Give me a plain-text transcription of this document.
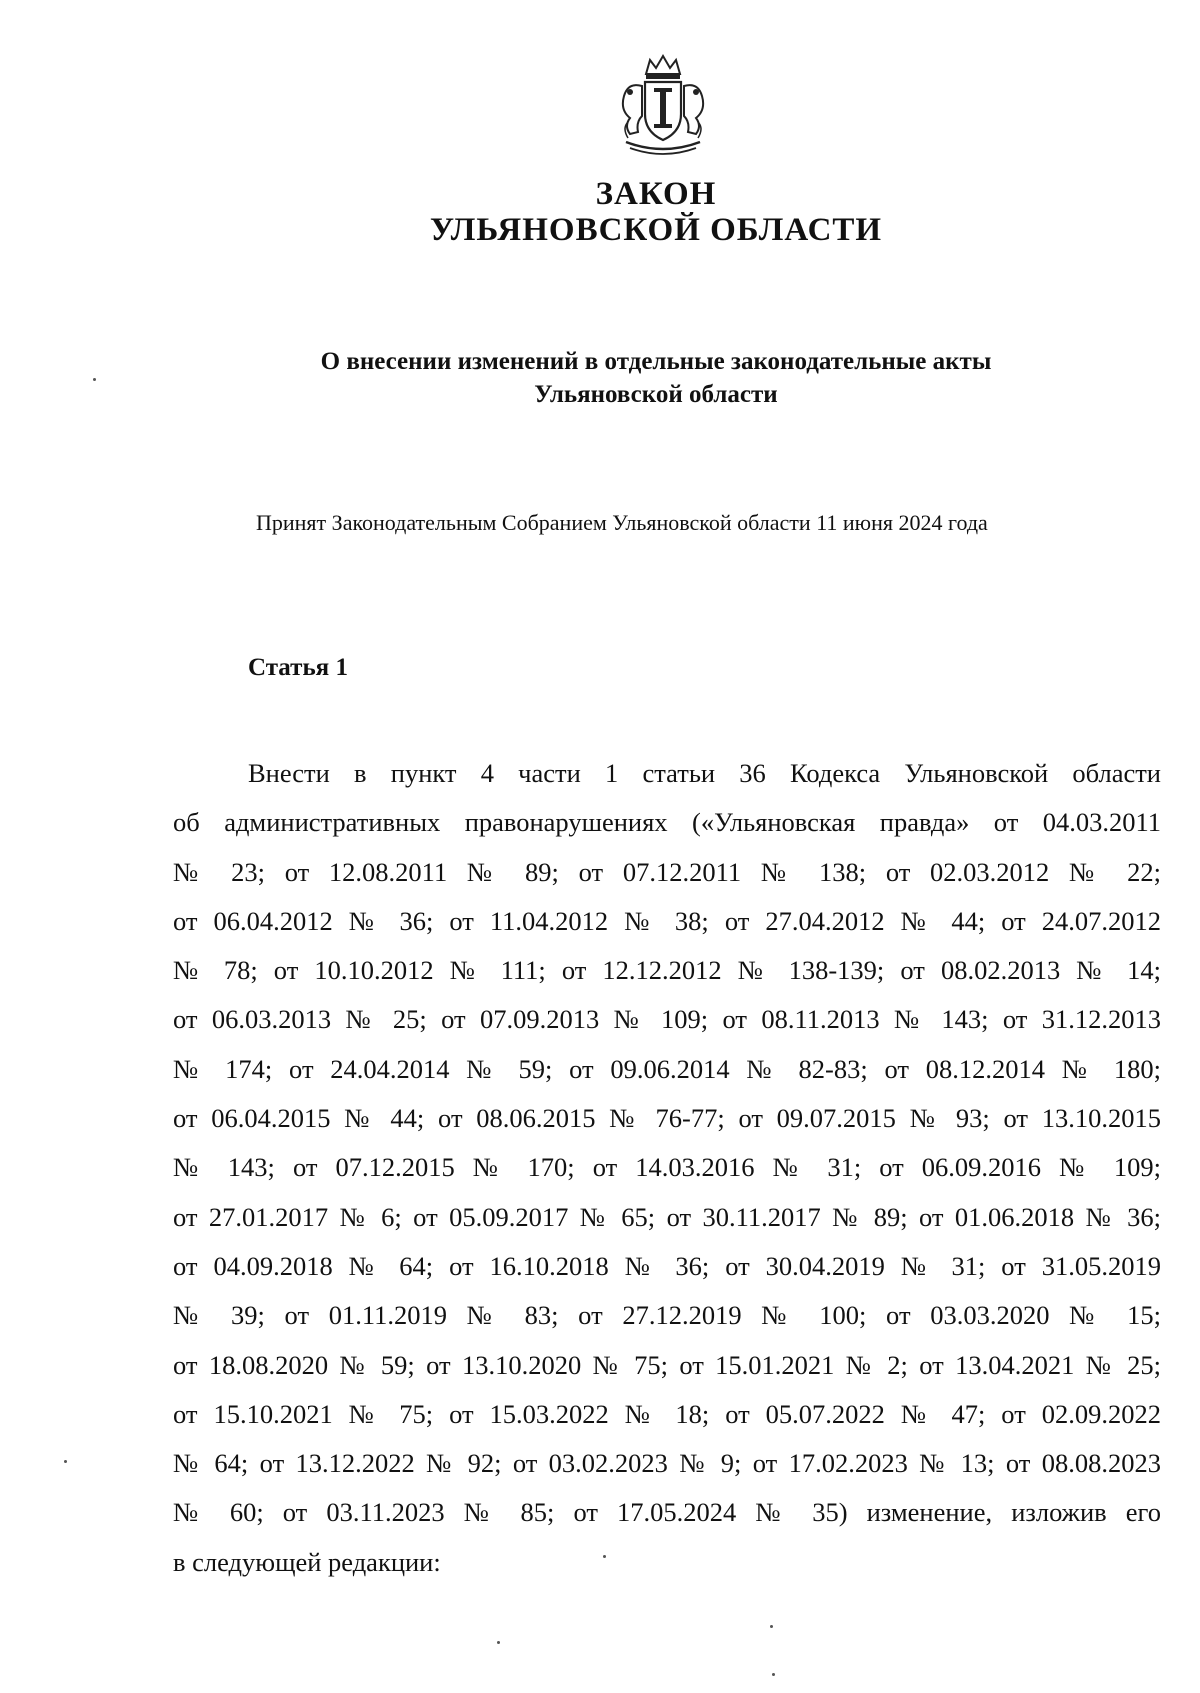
ЗАКОН
УЛЬЯНОВСКОЙ ОБЛАСТИ
О внесении изменений в отдельные законодательные акты
Ульяновской области
Принят Законодательным Собранием Ульяновской области 11 июня 2024 года
Статья 1
Внести в пункт 4 части 1 статьи 36 Кодекса Ульяновской области
об административных правонарушениях («Ульяновская правда» от 04.03.2011
№ 23; от 12.08.2011 № 89; от 07.12.2011 № 138; от 02.03.2012 № 22;
от 06.04.2012 № 36; от 11.04.2012 № 38; от 27.04.2012 № 44; от 24.07.2012
№ 78; от 10.10.2012 № 111; от 12.12.2012 № 138-139; от 08.02.2013 № 14;
от 06.03.2013 № 25; от 07.09.2013 № 109; от 08.11.2013 № 143; от 31.12.2013
№ 174; от 24.04.2014 № 59; от 09.06.2014 № 82-83; от 08.12.2014 № 180;
от 06.04.2015 № 44; от 08.06.2015 № 76-77; от 09.07.2015 № 93; от 13.10.2015
№ 143; от 07.12.2015 № 170; от 14.03.2016 № 31; от 06.09.2016 № 109;
от 27.01.2017 № 6; от 05.09.2017 № 65; от 30.11.2017 № 89; от 01.06.2018 № 36;
от 04.09.2018 № 64; от 16.10.2018 № 36; от 30.04.2019 № 31; от 31.05.2019
№ 39; от 01.11.2019 № 83; от 27.12.2019 № 100; от 03.03.2020 № 15;
от 18.08.2020 № 59; от 13.10.2020 № 75; от 15.01.2021 № 2; от 13.04.2021 № 25;
от 15.10.2021 № 75; от 15.03.2022 № 18; от 05.07.2022 № 47; от 02.09.2022
№ 64; от 13.12.2022 № 92; от 03.02.2023 № 9; от 17.02.2023 № 13; от 08.08.2023
№ 60; от 03.11.2023 № 85; от 17.05.2024 № 35) изменение, изложив его
в следующей редакции:
